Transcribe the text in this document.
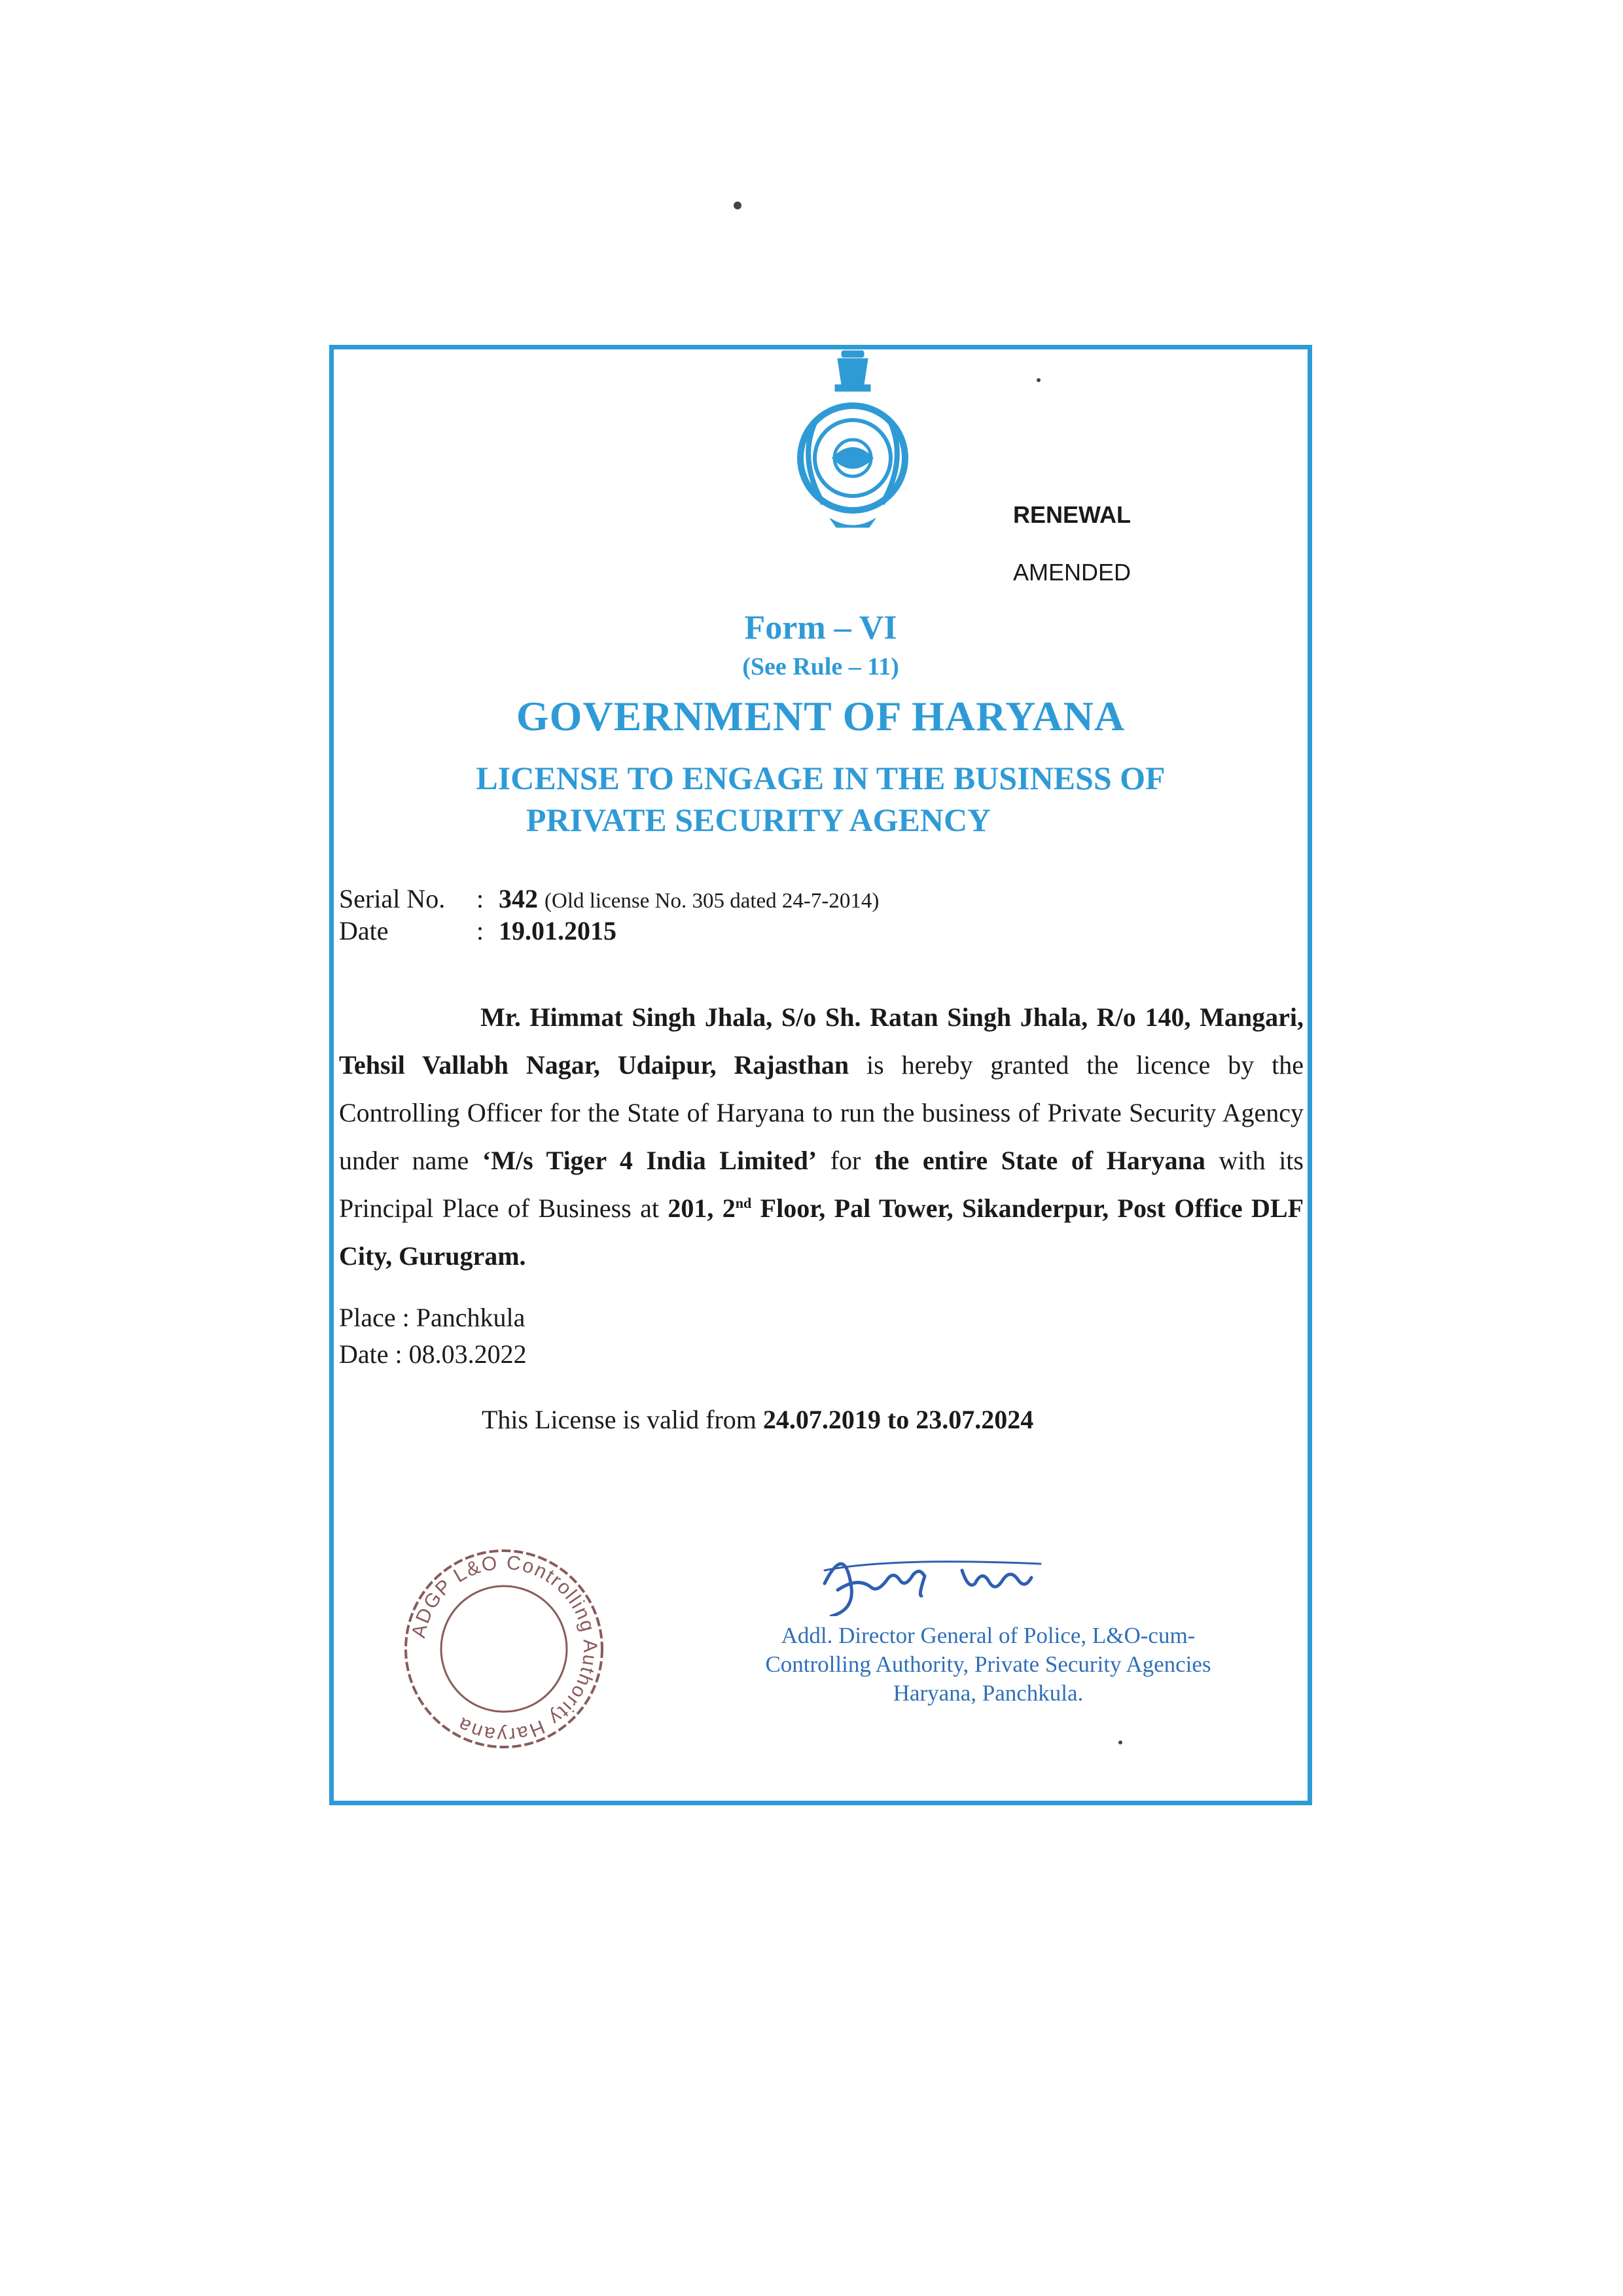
RENEWAL
AMENDED
Form – VI
(See Rule – 11)
GOVERNMENT OF HARYANA
LICENSE TO ENGAGE IN THE BUSINESS OF
PRIVATE SECURITY AGENCY
Serial No. : 342 (Old license No. 305 dated 24-7-2014)
Date	: 19.01.2015
Mr. Himmat Singh Jhala, S/o Sh. Ratan Singh Jhala, R/o 140, Mangari, Tehsil Vallabh Nagar, Udaipur, Rajasthan is hereby granted the licence by the Controlling Officer for the State of Haryana to run the business of Private Security Agency under name ‘M/s Tiger 4 India Limited’ for the entire State of Haryana with its Principal Place of Business at 201, 2nd Floor, Pal Tower, Sikanderpur, Post Office DLF City, Gurugram.
Place : Panchkula
Date : 08.03.2022
This License is valid from 24.07.2019 to 23.07.2024
ADGP L&O Controlling Authority Haryana
Addl. Director General of Police, L&O-cum-
Controlling Authority, Private Security Agencies
Haryana, Panchkula.
